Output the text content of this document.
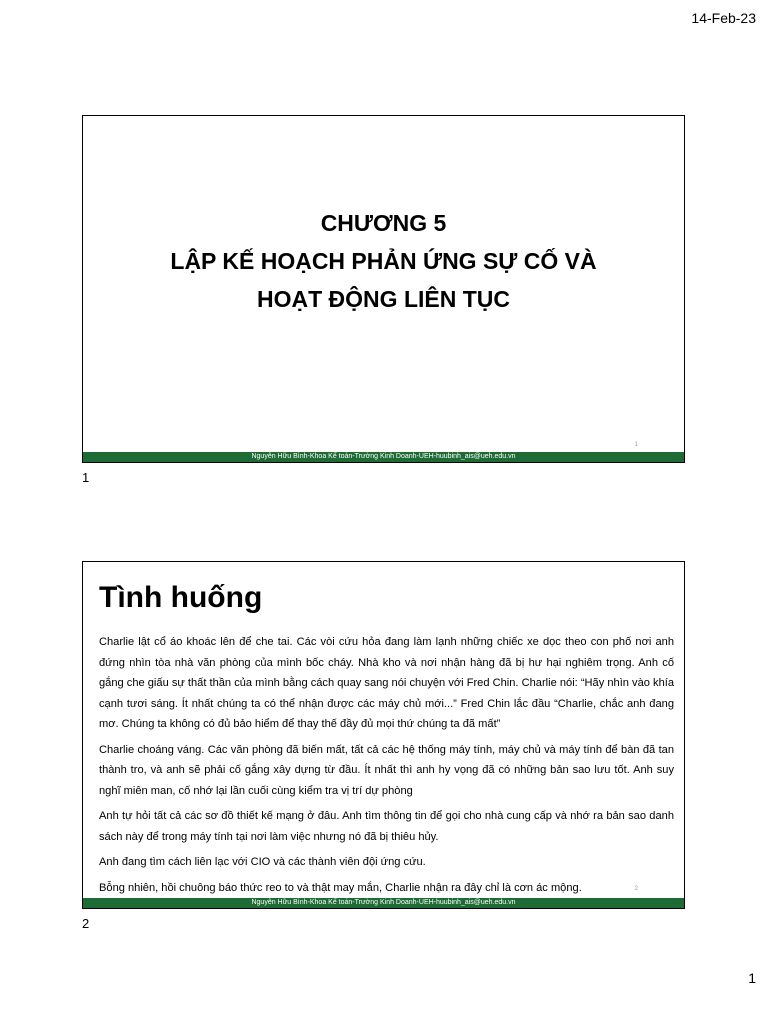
14-Feb-23
CHƯƠNG 5
LẬP KẾ HOẠCH PHẢN ỨNG SỰ CỐ VÀ
HOẠT ĐỘNG LIÊN TỤC
1
Nguyễn Hữu Bình-Khoa Kế toán-Trường Kinh Doanh-UEH-huubinh_ais@ueh.edu.vn
1
Tình huống

Charlie lật cổ áo khoác lên để che tai. Các vòi cứu hỏa đang làm lạnh những chiếc xe dọc theo con phố nơi anh đứng nhìn tòa nhà văn phòng của mình bốc cháy. Nhà kho và nơi nhận hàng đã bị hư hại nghiêm trọng. Anh cố gắng che giấu sự thất thần của mình bằng cách quay sang nói chuyện với Fred Chin. Charlie nói: “Hãy nhìn vào khía cạnh tươi sáng. Ít nhất chúng ta có thể nhận được các máy chủ mới...” Fred Chin lắc đầu “Charlie, chắc anh đang mơ. Chúng ta không có đủ bảo hiểm để thay thế đầy đủ mọi thứ chúng ta đã mất”

Charlie choáng váng. Các văn phòng đã biến mất, tất cả các hệ thống máy tính, máy chủ và máy tính để bàn đã tan thành tro, và anh sẽ phải cố gắng xây dựng từ đầu. Ít nhất thì anh hy vọng đã có những bản sao lưu tốt. Anh suy nghĩ miên man, cố nhớ lại lần cuối cùng kiểm tra vị trí dự phòng

Anh tự hỏi tất cả các sơ đồ thiết kế mạng ở đâu. Anh tìm thông tin để gọi cho nhà cung cấp và nhớ ra bản sao danh sách này để trong máy tính tại nơi làm việc nhưng nó đã bị thiêu hủy.

Anh đang tìm cách liên lạc với CIO và các thành viên đội ứng cứu.

Bỗng nhiên, hồi chuông báo thức reo to và thật may mắn, Charlie nhận ra đây chỉ là cơn ác mộng.	2
Nguyễn Hữu Bình-Khoa Kế toán-Trường Kinh Doanh-UEH-huubinh_ais@ueh.edu.vn
2
1
